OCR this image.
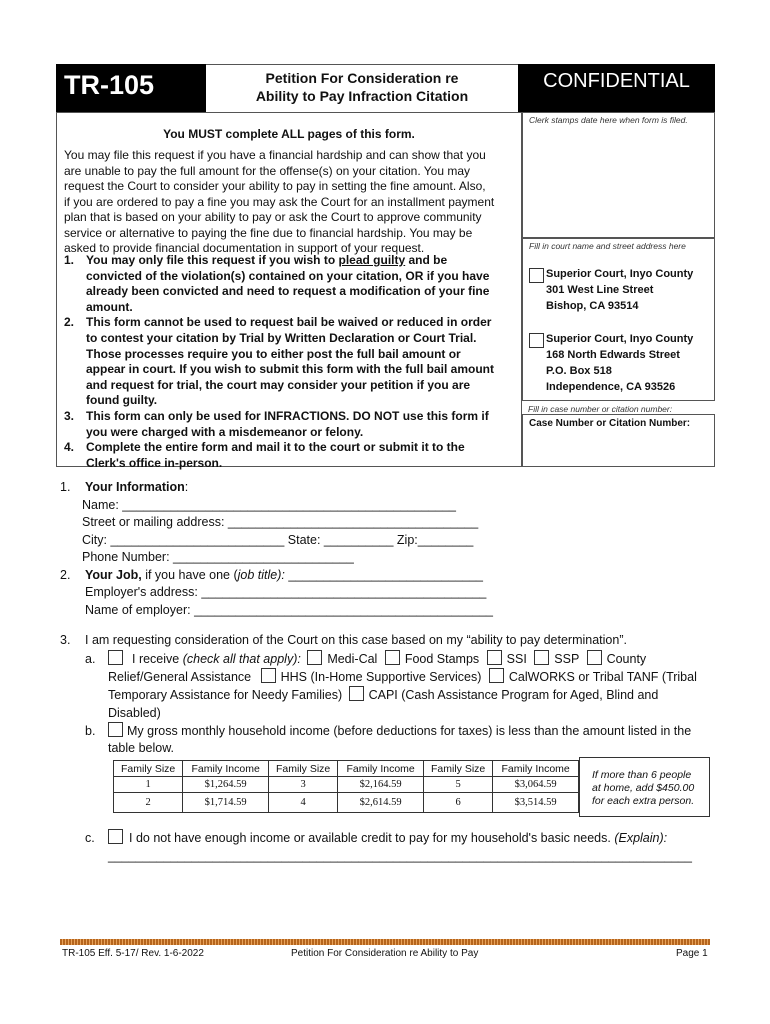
TR-105	Petition For Consideration re
Ability to Pay Infraction Citation
CONFIDENTIAL
You MUST complete ALL pages of this form.
You may file this request if you have a financial hardship and can show that you
are unable to pay the full amount for the offense(s) on your citation. You may
request the Court to consider your ability to pay in setting the fine amount. Also,
if you are ordered to pay a fine you may ask the Court for an installment payment
plan that is based on your ability to pay or ask the Court to approve community
service or alternative to paying the fine due to financial hardship. You may be
asked to provide financial documentation in support of your request.
1. You may only file this request if you wish to plead guilty and be
convicted of the violation(s) contained on your citation, OR if you have
already been convicted and need to request a modification of your fine
amount.
2. This form cannot be used to request bail be waived or reduced in order
to contest your citation by Trial by Written Declaration or Court Trial.
Those processes require you to either post the full bail amount or
appear in court. If you wish to submit this form with the full bail amount
and request for trial, the court may consider your petition if you are
found guilty.
3. This form can only be used for INFRACTIONS. DO NOT use this form if
you were charged with a misdemeanor or felony.
4. Complete the entire form and mail it to the court or submit it to the
Clerk's office in-person.
Clerk stamps date here when form is filed.
Fill in court name and street address here
Superior Court, Inyo County
301 West Line Street
Bishop, CA 93514
Superior Court, Inyo County
168 North Edwards Street
P.O. Box 518
Independence, CA 93526
Fill in case number or citation number:
Case Number or Citation Number:
1. Your Information:
Name: ________________________________________________
Street or mailing address: ____________________________________
City: _________________________ State: __________ Zip:________
Phone Number: __________________________
2. Your Job, if you have one (job title): ____________________________
Employer's address: _________________________________________
Name of employer: ___________________________________________
3. I am requesting consideration of the Court on this case based on my “ability to pay determination”.
a.	I receive (check all that apply): Medi-Cal Food Stamps SSI SSP County
Relief/General Assistance HHS (In-Home Supportive Services) CalWORKS or Tribal TANF (Tribal
Temporary Assistance for Needy Families) CAPI (Cash Assistance Program for Aged, Blind and
Disabled)
b.	My gross monthly household income (before deductions for taxes) is less than the amount listed in the
table below.
Family Size	Family Income	Family Size	Family Income	Family Size	Family Income
1	$1,264.59	3	$2,164.59	5	$3,064.59
2	$1,714.59	4	$2,614.59	6	$3,514.59
If more than 6 people
at home, add $450.00
for each extra person.
c.	I do not have enough income or available credit to pay for my household's basic needs. (Explain):
____________________________________________________________________________________
TR-105 Eff. 5-17/ Rev. 1-6-2022	Petition For Consideration re Ability to Pay	Page 1
